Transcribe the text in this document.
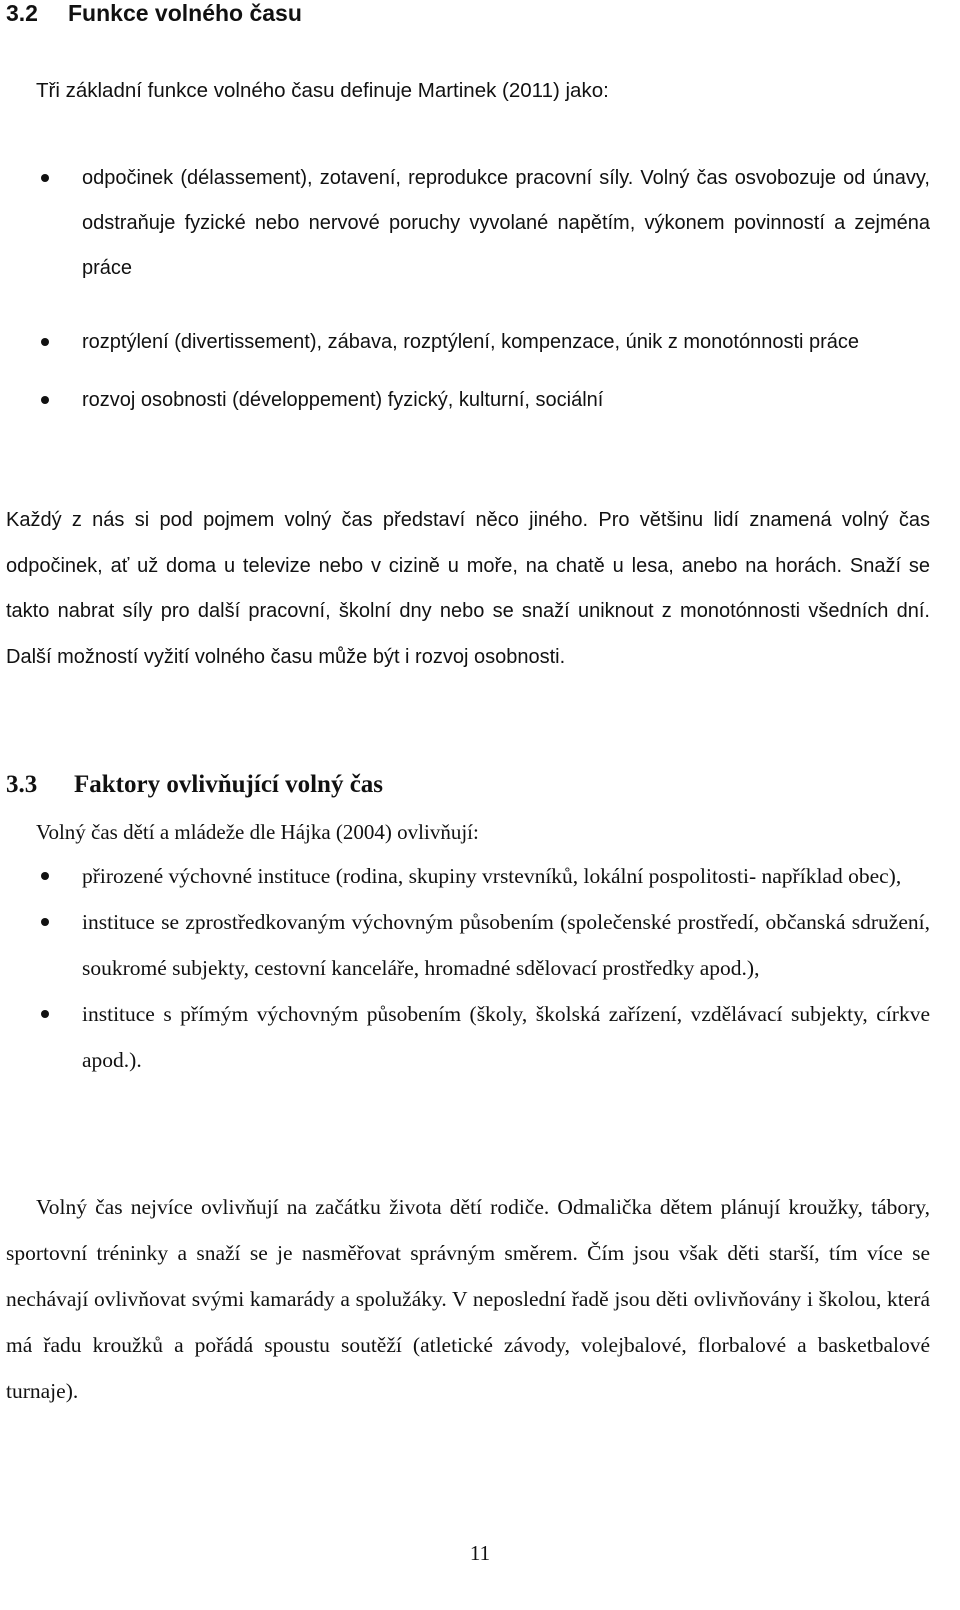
3.2 Funkce volného času

Tři základní funkce volného času definuje Martinek (2011) jako:

odpočinek (délassement), zotavení, reprodukce pracovní síly. Volný čas osvobozuje od únavy, odstraňuje fyzické nebo nervové poruchy vyvolané napětím, výkonem povinností a zejména práce
rozptýlení (divertissement), zábava, rozptýlení, kompenzace, únik z monotónnosti práce
rozvoj osobnosti (développement) fyzický, kulturní, sociální

Každý z nás si pod pojmem volný čas představí něco jiného. Pro většinu lidí znamená volný čas odpočinek, ať už doma u televize nebo v cizině u moře, na chatě u lesa, anebo na horách. Snaží se takto nabrat síly pro další pracovní, školní dny nebo se snaží uniknout z monotónnosti všedních dní. Další možností vyžití volného času může být i rozvoj osobnosti.

3.3 Faktory ovlivňující volný čas

Volný čas dětí a mládeže dle Hájka (2004) ovlivňují:

přirozené výchovné instituce (rodina, skupiny vrstevníků, lokální pospolitosti- například obec),
instituce se zprostředkovaným výchovným působením (společenské prostředí, občanská sdružení, soukromé subjekty, cestovní kanceláře, hromadné sdělovací prostředky apod.),
instituce s přímým výchovným působením (školy, školská zařízení, vzdělávací subjekty, církve apod.).

Volný čas nejvíce ovlivňují na začátku života dětí rodiče. Odmalička dětem plánují kroužky, tábory, sportovní tréninky a snaží se je nasměřovat správným směrem. Čím jsou však děti starší, tím více se nechávají ovlivňovat svými kamarády a spolužáky. V neposlední řadě jsou děti ovlivňovány i školou, která má řadu kroužků a pořádá spoustu soutěží (atletické závody, volejbalové, florbalové a basketbalové turnaje).

11
